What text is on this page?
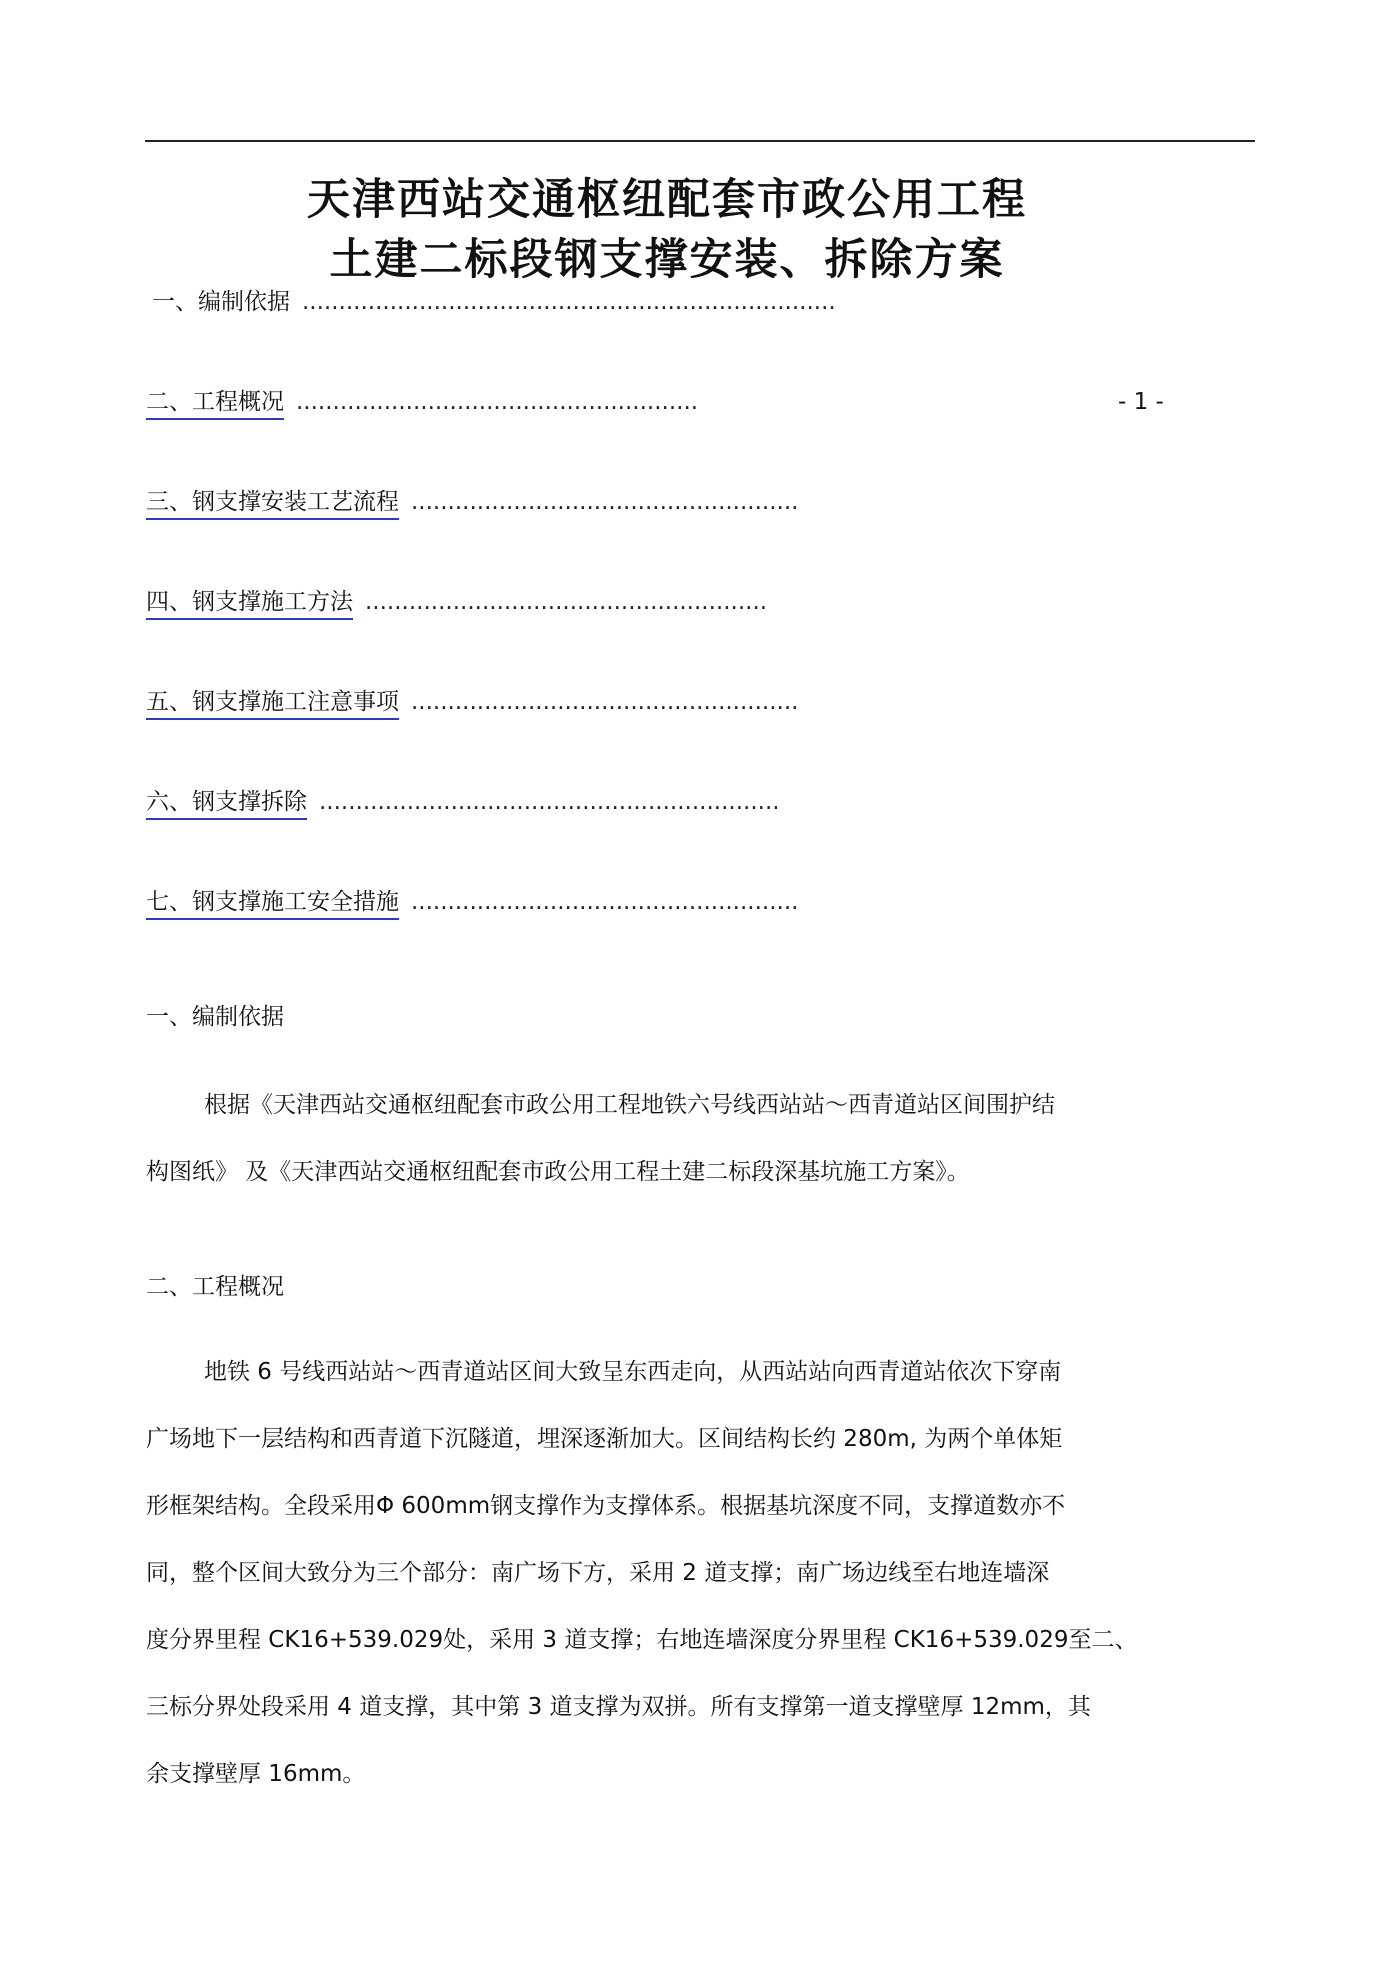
天津西站交通枢纽配套市政公用工程
土建二标段钢支撑安装、拆除方案
一、编制依据 .........................................................................
二、工程概况 .......................................................	- 1 -
三、钢支撑安装工艺流程 .....................................................
四、钢支撑施工方法 .......................................................
五、钢支撑施工注意事项 .....................................................
六、钢支撑拆除 ...............................................................
七、钢支撑施工安全措施 .....................................................
一、编制依据
根据《天津西站交通枢纽配套市政公用工程地铁六号线西站站～西青道站区间围护结
构图纸》 及《天津西站交通枢纽配套市政公用工程土建二标段深基坑施工方案》。
二、工程概况
地铁 6 号线西站站～西青道站区间大致呈东西走向，从西站站向西青道站依次下穿南
广场地下一层结构和西青道下沉隧道，埋深逐渐加大。区间结构长约 280m, 为两个单体矩
形框架结构。全段采用Φ 600mm钢支撑作为支撑体系。根据基坑深度不同，支撑道数亦不
同，整个区间大致分为三个部分：南广场下方，采用 2 道支撑；南广场边线至右地连墙深
度分界里程 CK16+539.029处，采用 3 道支撑；右地连墙深度分界里程 CK16+539.029至二、
三标分界处段采用 4 道支撑，其中第 3 道支撑为双拼。所有支撑第一道支撑壁厚 12mm，其
余支撑壁厚 16mm。
